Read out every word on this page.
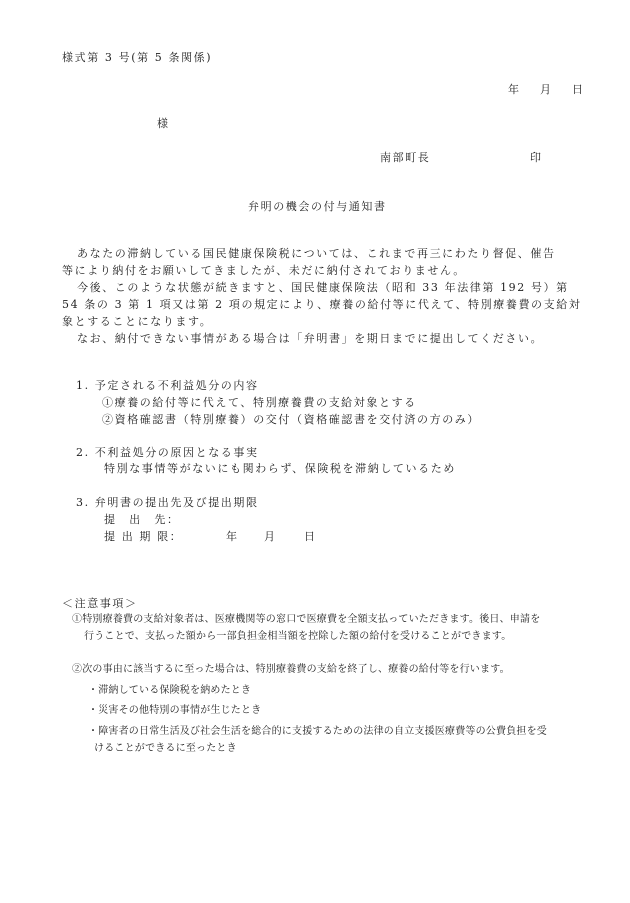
様式第 3 号(第 5 条関係)
年 月 日
様
南部町長	印
弁明の機会の付与通知書
あなたの滞納している国民健康保険税については、これまで再三にわたり督促、催告
等により納付をお願いしてきましたが、未だに納付されておりません。
今後、このような状態が続きますと、国民健康保険法（昭和 33 年法律第 192 号）第
54 条の 3 第 1 項又は第 2 項の規定により、療養の給付等に代えて、特別療養費の支給対
象とすることになります。
なお、納付できない事情がある場合は「弁明書」を期日までに提出してください。
1. 予定される不利益処分の内容
①療養の給付等に代えて、特別療養費の支給対象とする
②資格確認書（特別療養）の交付（資格確認書を交付済の方のみ）
2. 不利益処分の原因となる事実
特別な事情等がないにも関わらず、保険税を滞納しているため
3. 弁明書の提出先及び提出期限
提　出　先：
提 出 期 限：	年 月	日
＜注意事項＞
①特別療養費の支給対象者は、医療機関等の窓口で医療費を全額支払っていただきます。後日、申請を
行うことで、支払った額から一部負担金相当額を控除した額の給付を受けることができます。
②次の事由に該当するに至った場合は、特別療養費の支給を終了し、療養の給付等を行います。
・滞納している保険税を納めたとき
・災害その他特別の事情が生じたとき
・障害者の日常生活及び社会生活を総合的に支援するための法律の自立支援医療費等の公費負担を受
けることができるに至ったとき
